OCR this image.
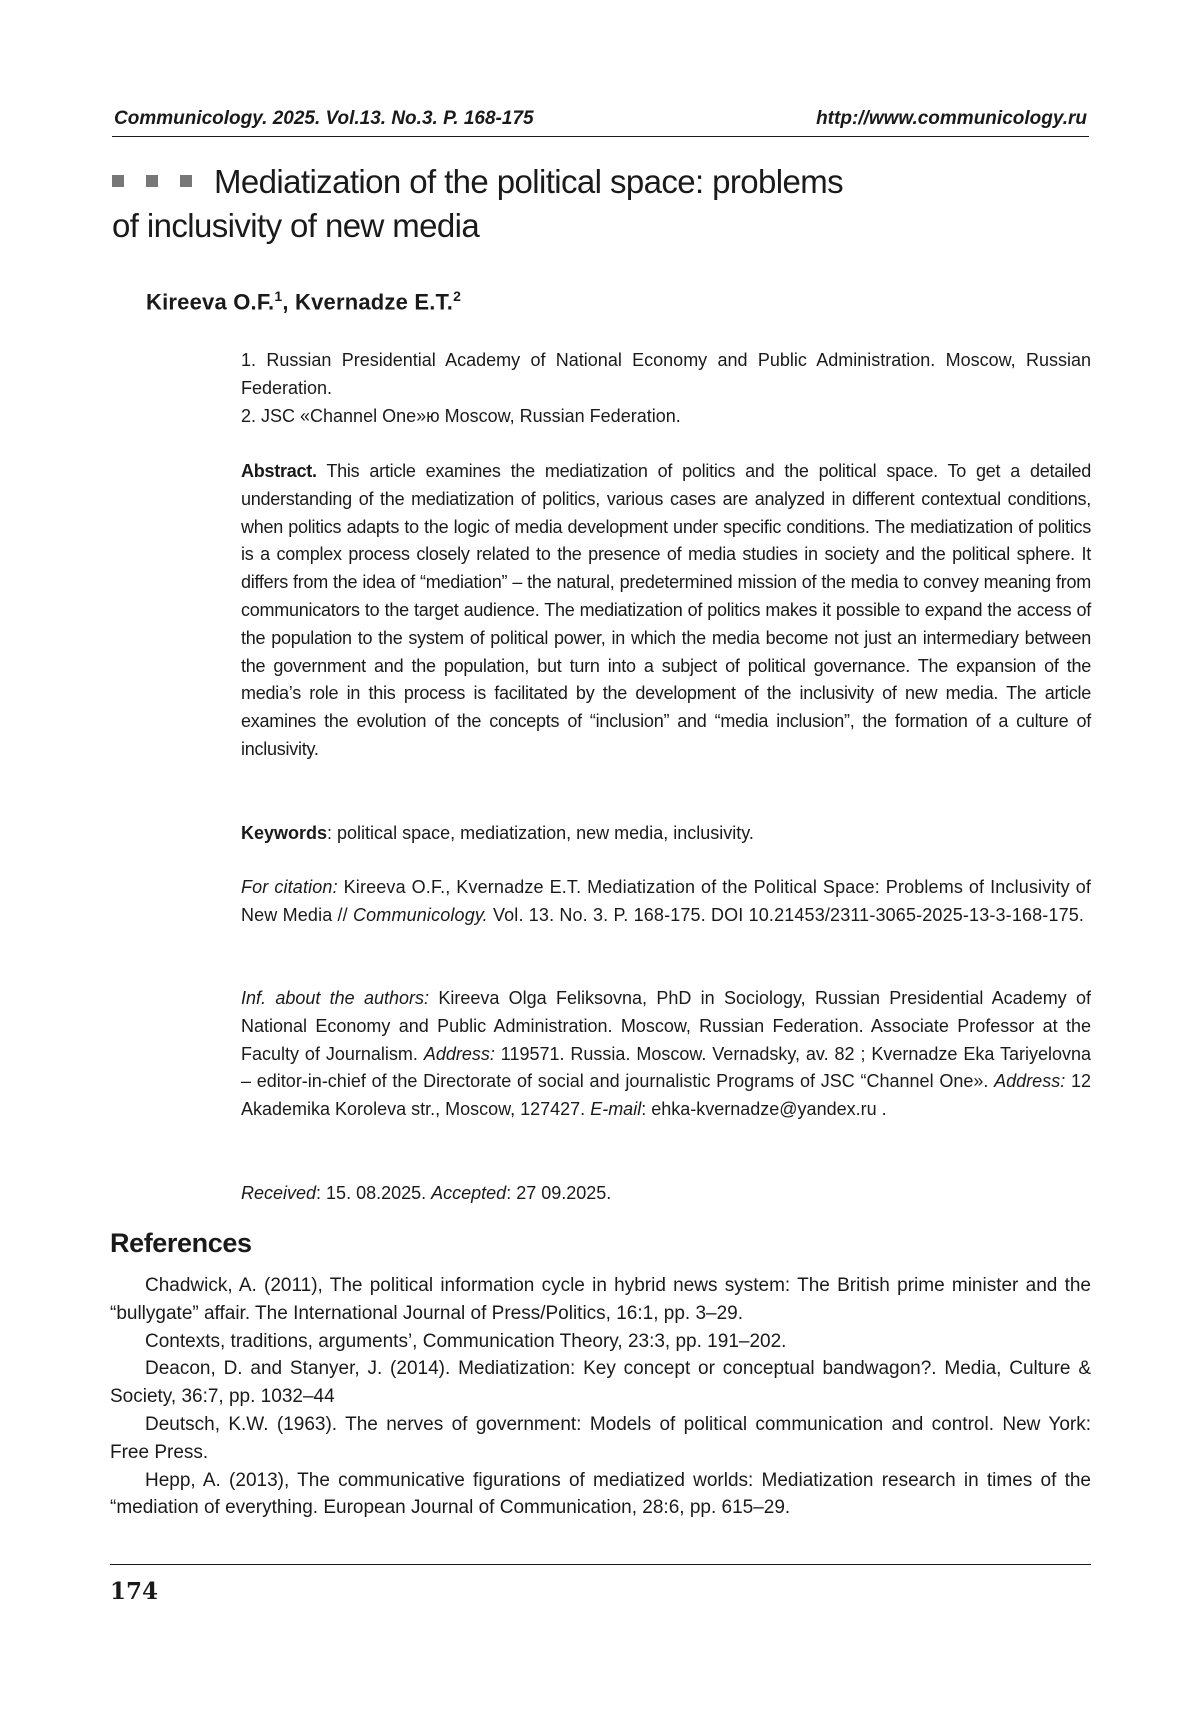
Communicology. 2025. Vol.13. No.3. P. 168-175	http://www.communicology.ru
Mediatization of the political space: problems
of inclusivity of new media
Kireeva O.F.$^1$, Kvernadze E.T.$^2$

1. Russian Presidential Academy of National Economy and Public Administration. Moscow, Russian Federation.

2. JSC «Channel One»ю Moscow, Russian Federation.

Abstract. This article examines the mediatization of politics and the political space. To get a detailed understanding of the mediatization of politics, various cases are analyzed in different contextual conditions, when politics adapts to the logic of media development under specific conditions. The mediatization of politics is a complex process closely related to the presence of media studies in society and the political sphere. It differs from the idea of “mediation” – the natural, predetermined mission of the media to convey meaning from communicators to the target audience. The mediatization of politics makes it possible to expand the access of the population to the system of political power, in which the media become not just an intermediary between the government and the population, but turn into a subject of political governance. The expansion of the media’s role in this process is facilitated by the development of the inclusivity of new media. The article examines the evolution of the concepts of “inclusion” and “media inclusion”, the formation of a culture of inclusivity.

Keywords: political space, mediatization, new media, inclusivity.

For citation: Kireeva O.F., Kvernadze E.T. Mediatization of the Political Space: Problems of Inclusivity of New Media // Communicology. Vol. 13. No. 3. P. 168-175. DOI 10.21453/2311-3065-2025-13-3-168-175.

Inf. about the authors: Kireeva Olga Feliksovna, PhD in Sociology, Russian Presidential Academy of National Economy and Public Administration. Moscow, Russian Federation. Associate Professor at the Faculty of Journalism. Address: 119571. Russia. Moscow. Vernadsky, av. 82 ; Kvernadze Eka Tariyelovna – editor-in-chief of the Directorate of social and journalistic Programs of JSC “Channel One». Address: 12 Akademika Koroleva str., Moscow, 127427. E-mail: ehka-kvernadze@yandex.ru .

Received: 15. 08.2025. Accepted: 27 09.2025.

References

Chadwick, A. (2011), The political information cycle in hybrid news system: The British prime minister and the “bullygate” affair. The International Journal of Press/Politics, 16:1, pp. 3–29.

Contexts, traditions, arguments’, Communication Theory, 23:3, pp. 191–202.

Deacon, D. and Stanyer, J. (2014). Mediatization: Key concept or conceptual bandwagon?. Media, Culture & Society, 36:7, pp. 1032–44

Deutsch, K.W. (1963). The nerves of government: Models of political communication and control. New York: Free Press.

Hepp, A. (2013), The communicative figurations of mediatized worlds: Mediatization research in times of the “mediation of everything. European Journal of Communication, 28:6, pp. 615–29.

174
